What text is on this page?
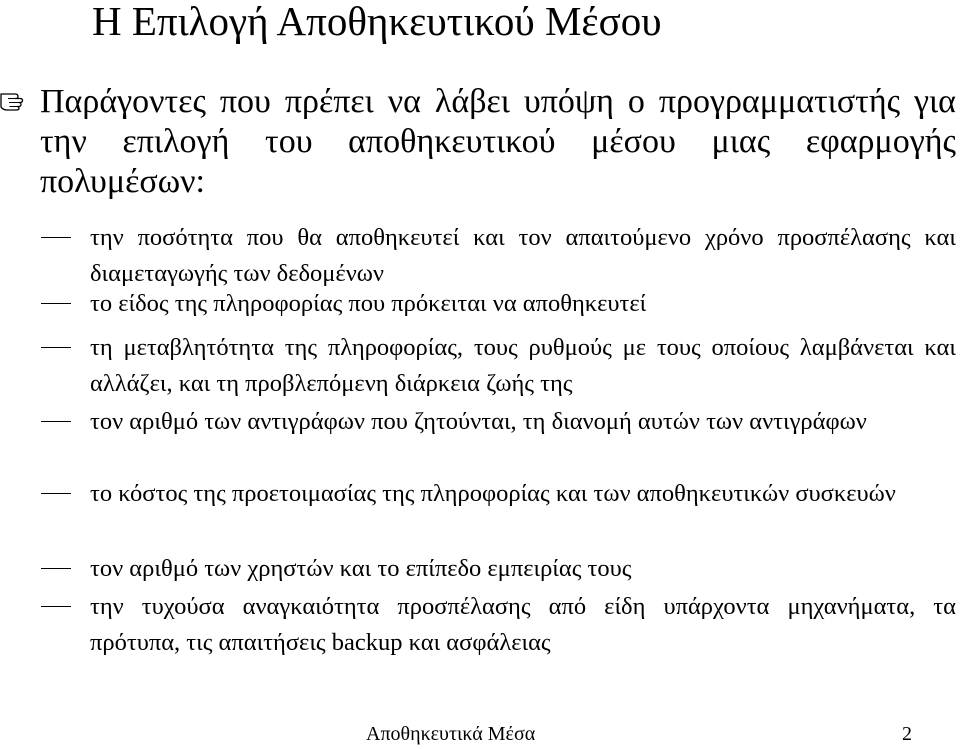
Η Επιλογή Αποθηκευτικού Μέσου
Παράγοντες που πρέπει να λάβει υπόψη ο προγραμματιστής για την επιλογή του αποθηκευτικού μέσου μιας εφαρμογής πολυμέσων:
την ποσότητα που θα αποθηκευτεί και τον απαιτούμενο χρόνο προσπέλασης και διαμεταγωγής των δεδομένων
το είδος της πληροφορίας που πρόκειται να αποθηκευτεί
τη μεταβλητότητα της πληροφορίας, τους ρυθμούς με τους οποίους λαμβάνεται και αλλάζει, και τη προβλεπόμενη διάρκεια ζωής της
τον αριθμό των αντιγράφων που ζητούνται, τη διανομή αυτών των αντιγράφων
το κόστος της προετοιμασίας της πληροφορίας και των αποθηκευτικών συσκευών
τον αριθμό των χρηστών και το επίπεδο εμπειρίας τους
την τυχούσα αναγκαιότητα προσπέλασης από είδη υπάρχοντα μηχανήματα, τα πρότυπα, τις απαιτήσεις backup και ασφάλειας
Αποθηκευτικά Μέσα	2
